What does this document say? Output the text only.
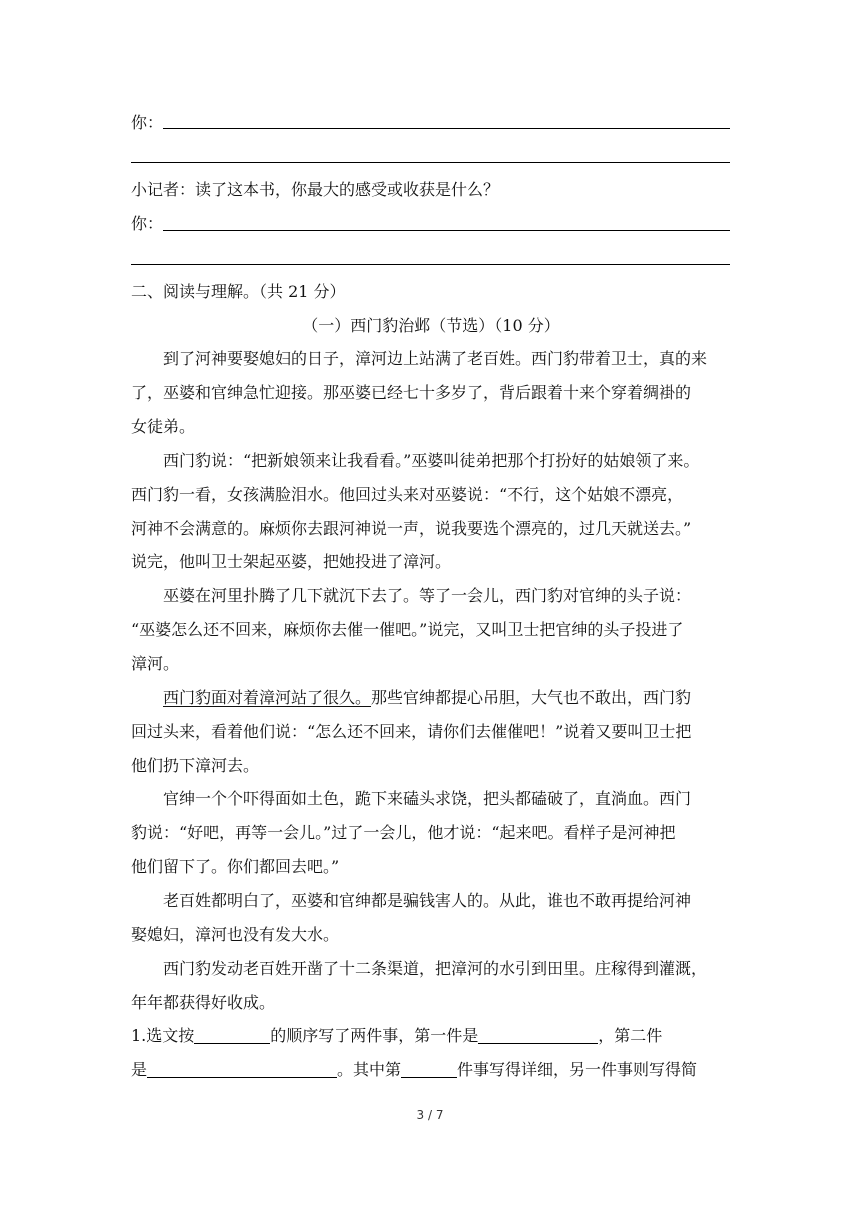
你：
小记者：读了这本书，你最大的感受或收获是什么？
你：
二、阅读与理解。（共 21 分）
（一）西门豹治邺（节选）（10 分）
到了河神要娶媳妇的日子，漳河边上站满了老百姓。西门豹带着卫士，真的来
了，巫婆和官绅急忙迎接。那巫婆已经七十多岁了，背后跟着十来个穿着绸褂的
女徒弟。
西门豹说：“把新娘领来让我看看。”巫婆叫徒弟把那个打扮好的姑娘领了来。
西门豹一看，女孩满脸泪水。他回过头来对巫婆说：“不行，这个姑娘不漂亮，
河神不会满意的。麻烦你去跟河神说一声，说我要选个漂亮的，过几天就送去。”
说完，他叫卫士架起巫婆，把她投进了漳河。
巫婆在河里扑腾了几下就沉下去了。等了一会儿，西门豹对官绅的头子说：
“巫婆怎么还不回来，麻烦你去催一催吧。”说完，又叫卫士把官绅的头子投进了
漳河。
西门豹面对着漳河站了很久。那些官绅都提心吊胆，大气也不敢出，西门豹
回过头来，看着他们说：“怎么还不回来，请你们去催催吧！”说着又要叫卫士把
他们扔下漳河去。
官绅一个个吓得面如土色，跪下来磕头求饶，把头都磕破了，直淌血。西门
豹说：“好吧，再等一会儿。”过了一会儿，他才说：“起来吧。看样子是河神把
他们留下了。你们都回去吧。”
老百姓都明白了，巫婆和官绅都是骗钱害人的。从此，谁也不敢再提给河神
娶媳妇，漳河也没有发大水。
西门豹发动老百姓开凿了十二条渠道，把漳河的水引到田里。庄稼得到灌溉，
年年都获得好收成。
1.选文按	的顺序写了两件事，第一件是	，第二件
是	。其中第	件事写得详细，另一件事则写得简
3 / 7
